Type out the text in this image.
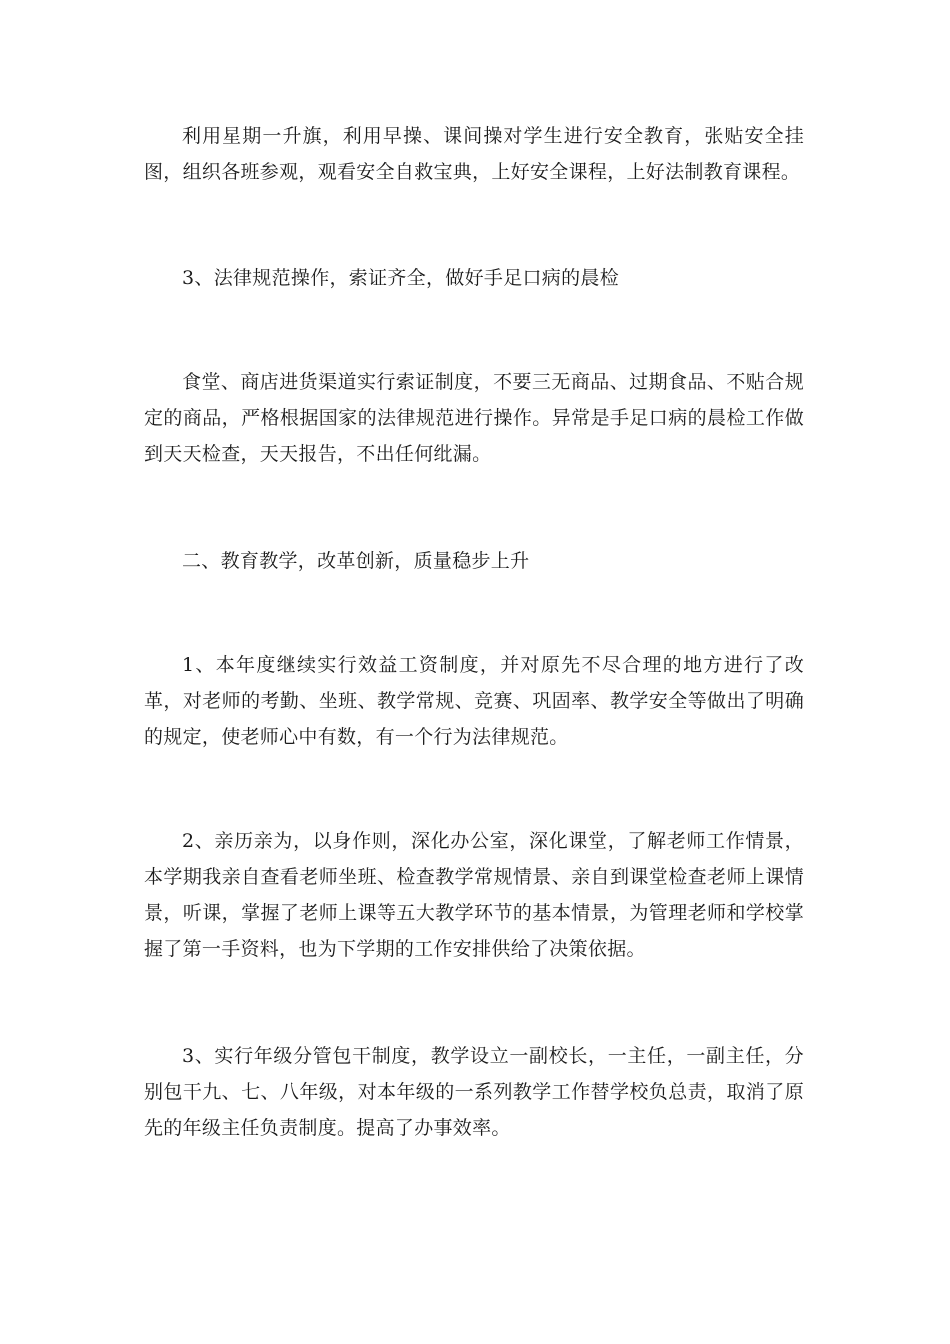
利用星期一升旗，利用早操、课间操对学生进行安全教育，张贴安全挂图，组织各班参观，观看安全自救宝典，上好安全课程，上好法制教育课程。

3、法律规范操作，索证齐全，做好手足口病的晨检

食堂、商店进货渠道实行索证制度，不要三无商品、过期食品、不贴合规定的商品，严格根据国家的法律规范进行操作。异常是手足口病的晨检工作做到天天检查，天天报告，不出任何纰漏。

二、教育教学，改革创新，质量稳步上升

1、本年度继续实行效益工资制度，并对原先不尽合理的地方进行了改革，对老师的考勤、坐班、教学常规、竞赛、巩固率、教学安全等做出了明确的规定，使老师心中有数，有一个行为法律规范。

2、亲历亲为，以身作则，深化办公室，深化课堂，了解老师工作情景，本学期我亲自查看老师坐班、检查教学常规情景、亲自到课堂检查老师上课情景，听课，掌握了老师上课等五大教学环节的基本情景，为管理老师和学校掌握了第一手资料，也为下学期的工作安排供给了决策依据。

3、实行年级分管包干制度，教学设立一副校长，一主任，一副主任，分别包干九、七、八年级，对本年级的一系列教学工作替学校负总责，取消了原先的年级主任负责制度。提高了办事效率。
